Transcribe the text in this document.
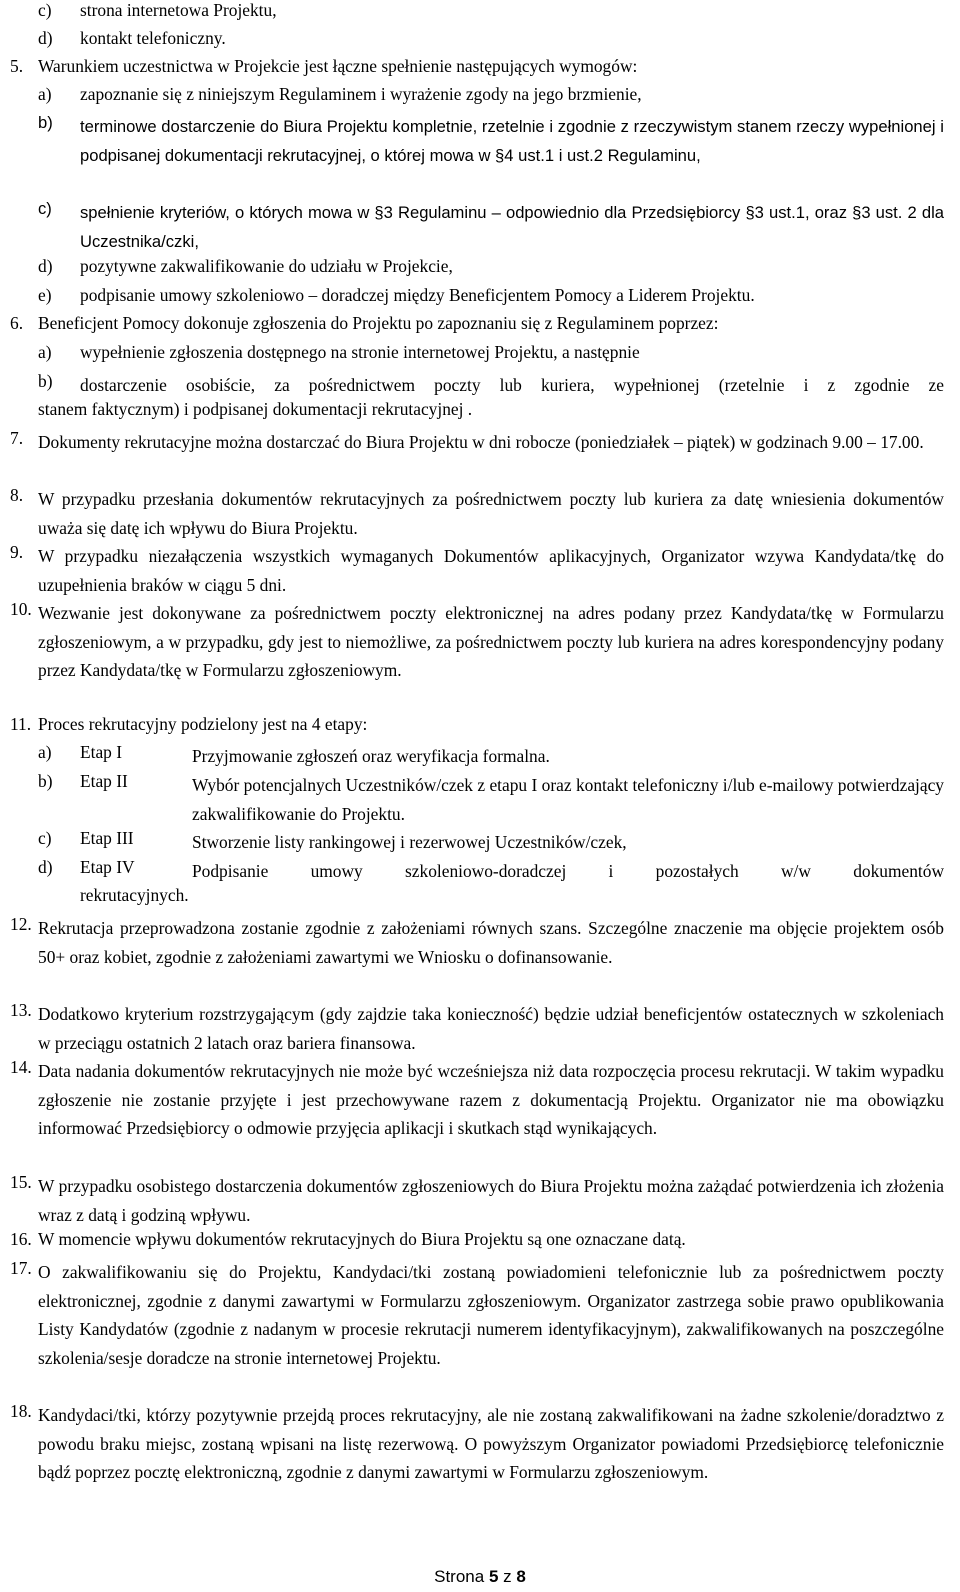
c) strona internetowa Projektu,
d) kontakt telefoniczny.
5. Warunkiem uczestnictwa w Projekcie jest łączne spełnienie następujących wymogów:
a) zapoznanie się z niniejszym Regulaminem i wyrażenie zgody na jego brzmienie,
b) terminowe dostarczenie do Biura Projektu kompletnie, rzetelnie i zgodnie z rzeczywistym stanem rzeczy wypełnionej i podpisanej dokumentacji rekrutacyjnej, o której mowa w §4 ust.1 i ust.2 Regulaminu,
c) spełnienie kryteriów, o których mowa w §3 Regulaminu – odpowiednio dla Przedsiębiorcy §3 ust.1, oraz §3 ust. 2 dla Uczestnika/czki,
d) pozytywne zakwalifikowanie do udziału w Projekcie,
e) podpisanie umowy szkoleniowo – doradczej między Beneficjentem Pomocy a Liderem Projektu.
6. Beneficjent Pomocy dokonuje zgłoszenia do Projektu po zapoznaniu się z Regulaminem poprzez:
a) wypełnienie zgłoszenia dostępnego na stronie internetowej Projektu, a następnie
b) dostarczenie osobiście, za pośrednictwem poczty lub kuriera, wypełnionej (rzetelnie i z zgodnie ze
stanem faktycznym) i podpisanej dokumentacji rekrutacyjnej .
7. Dokumenty rekrutacyjne można dostarczać do Biura Projektu w dni robocze (poniedziałek – piątek) w godzinach 9.00 – 17.00.
8. W przypadku przesłania dokumentów rekrutacyjnych za pośrednictwem poczty lub kuriera za datę wniesienia dokumentów uważa się datę ich wpływu do Biura Projektu.
9. W przypadku niezałączenia wszystkich wymaganych Dokumentów aplikacyjnych, Organizator wzywa Kandydata/tkę do uzupełnienia braków w ciągu 5 dni.
10. Wezwanie jest dokonywane za pośrednictwem poczty elektronicznej na adres podany przez Kandydata/tkę w Formularzu zgłoszeniowym, a w przypadku, gdy jest to niemożliwe, za pośrednictwem poczty lub kuriera na adres korespondencyjny podany przez Kandydata/tkę w Formularzu zgłoszeniowym.
11. Proces rekrutacyjny podzielony jest na 4 etapy:
a) Etap I	Przyjmowanie zgłoszeń oraz weryfikacja formalna.
b) Etap II	Wybór potencjalnych Uczestników/czek z etapu I oraz kontakt telefoniczny i/lub e-mailowy potwierdzający zakwalifikowanie do Projektu.
c) Etap III	Stworzenie listy rankingowej i rezerwowej Uczestników/czek,
d) Etap IV	Podpisanie umowy szkoleniowo-doradczej i pozostałych w/w dokumentów
rekrutacyjnych.
12. Rekrutacja przeprowadzona zostanie zgodnie z założeniami równych szans. Szczególne znaczenie ma objęcie projektem osób 50+ oraz kobiet, zgodnie z założeniami zawartymi we Wniosku o dofinansowanie.
13. Dodatkowo kryterium rozstrzygającym (gdy zajdzie taka konieczność) będzie udział beneficjentów ostatecznych w szkoleniach w przeciągu ostatnich 2 latach oraz bariera finansowa.
14. Data nadania dokumentów rekrutacyjnych nie może być wcześniejsza niż data rozpoczęcia procesu rekrutacji. W takim wypadku zgłoszenie nie zostanie przyjęte i jest przechowywane razem z dokumentacją Projektu. Organizator nie ma obowiązku informować Przedsiębiorcy o odmowie przyjęcia aplikacji i skutkach stąd wynikających.
15. W przypadku osobistego dostarczenia dokumentów zgłoszeniowych do Biura Projektu można zażądać potwierdzenia ich złożenia wraz z datą i godziną wpływu.
16. W momencie wpływu dokumentów rekrutacyjnych do Biura Projektu są one oznaczane datą.
17. O zakwalifikowaniu się do Projektu, Kandydaci/tki zostaną powiadomieni telefonicznie lub za pośrednictwem poczty elektronicznej, zgodnie z danymi zawartymi w Formularzu zgłoszeniowym. Organizator zastrzega sobie prawo opublikowania Listy Kandydatów (zgodnie z nadanym w procesie rekrutacji numerem identyfikacyjnym), zakwalifikowanych na poszczególne szkolenia/sesje doradcze na stronie internetowej Projektu.
18. Kandydaci/tki, którzy pozytywnie przejdą proces rekrutacyjny, ale nie zostaną zakwalifikowani na żadne szkolenie/doradztwo z powodu braku miejsc, zostaną wpisani na listę rezerwową. O powyższym Organizator powiadomi Przedsiębiorcę telefonicznie bądź poprzez pocztę elektroniczną, zgodnie z danymi zawartymi w Formularzu zgłoszeniowym.
Strona 5 z 8
